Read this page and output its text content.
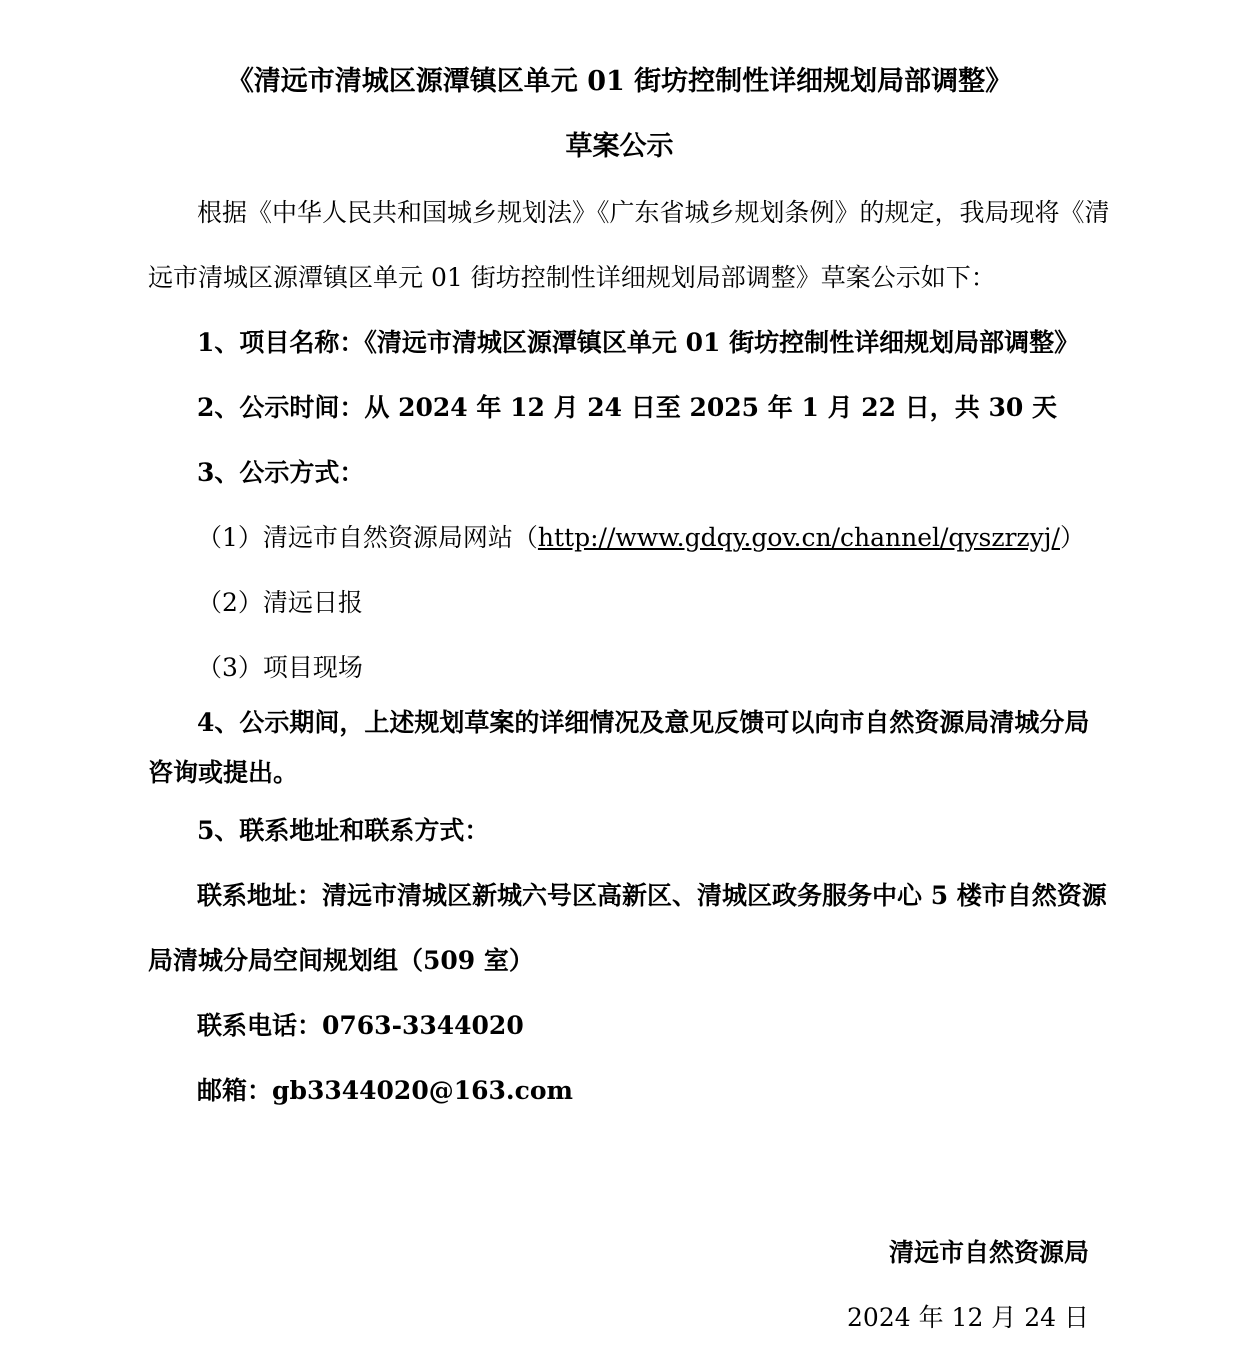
《清远市清城区源潭镇区单元 01 街坊控制性详细规划局部调整》

草案公示

根据《中华人民共和国城乡规划法》《广东省城乡规划条例》的规定，我局现将《清

远市清城区源潭镇区单元 01 街坊控制性详细规划局部调整》草案公示如下：

1、项目名称：《清远市清城区源潭镇区单元 01 街坊控制性详细规划局部调整》

2、公示时间：从 2024 年 12 月 24 日至 2025 年 1 月 22 日，共 30 天

3、公示方式：

（1）清远市自然资源局网站（http://www.gdqy.gov.cn/channel/qyszrzyj/）

（2）清远日报

（3）项目现场

4、公示期间，上述规划草案的详细情况及意见反馈可以向市自然资源局清城分局

咨询或提出。

5、联系地址和联系方式：

联系地址：清远市清城区新城六号区高新区、清城区政务服务中心 5 楼市自然资源

局清城分局空间规划组（509 室）

联系电话：0763-3344020

邮箱：gb3344020@163.com

清远市自然资源局

2024 年 12 月 24 日
